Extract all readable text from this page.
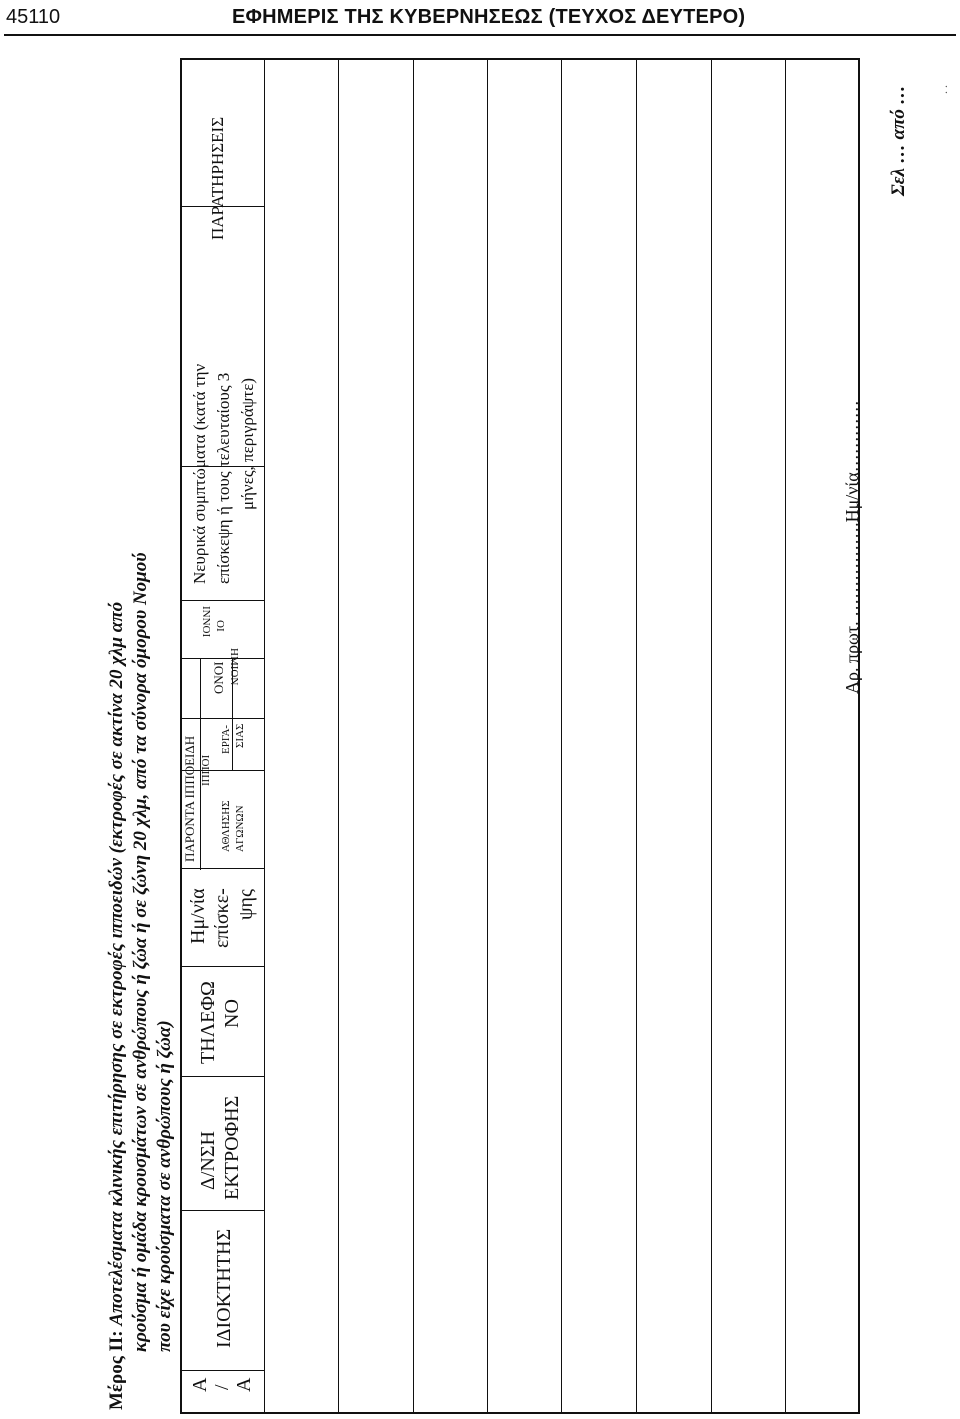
45110	ΕΦΗΜΕΡΙΣ ΤΗΣ ΚΥΒΕΡΝΗΣΕΩΣ (ΤΕΥΧΟΣ ΔΕΥΤΕΡΟ)
Μέρος ΙΙ: Αποτελέσματα κλινικής επιτήρησης σε εκτροφές ιπποειδών (εκτροφές σε ακτίνα 20 χλμ από κρούσμα ή ομάδα κρουσμάτων σε ανθρώπους ή ζώα ή σε ζώνη 20 χλμ, από τα σύνορα όμορου Νομού που είχε κρούσματα σε ανθρώπους ή ζώα)
Α / Α
ΙΔΙΟΚΤΗΤΗΣ
Δ/ΝΣΗ ΕΚΤΡΟΦΗΣ
ΤΗΛΕΦΩ ΝΟ
Ημ/νία επίσκε- ψης
ΠΑΡΟΝΤΑ ΙΠΠΟΕΙΔΗ ΙΠΠΟΙ
ΑΘΛΗΣΗΣ ΑΓΩΝΩΝ
ΕΡΓΑ- ΣΙΑΣ
ΟΝΟΙ ΗΜΙΟΝ
ΟΙ
ΙΝΝΟΙ
Νευρικά συμπτώματα (κατά την επίσκεψη ή τους τελευταίους 3 μήνες, περιγράψτε)
ΠΑΡΑΤΗΡΗΣΕΙΣ
Αρ. πρωτ. …………….Ημ/νία…………
Σελ … από … . .
